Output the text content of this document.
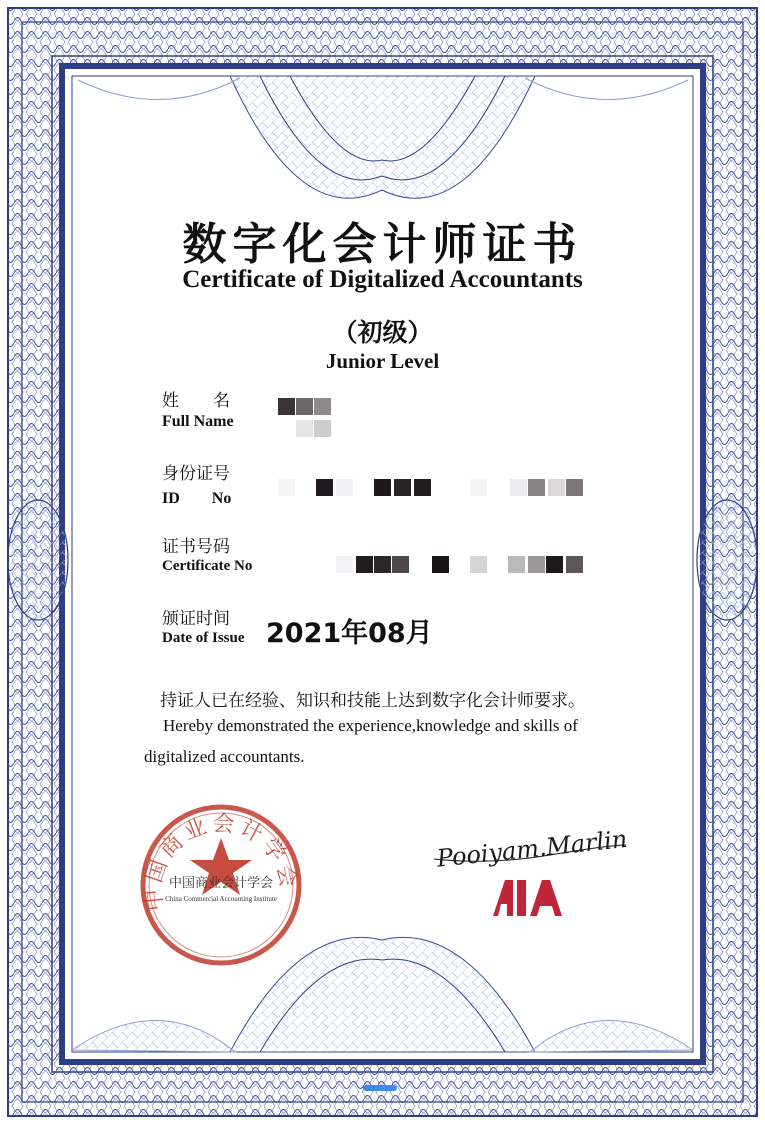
数字化会计师证书
Certificate of Digitalized Accountants
（初级）
Junior Level
姓　　名
Full Name
身份证号
ID　　No
证书号码
Certificate No
颁证时间
Date of Issue 2021年08月
持证人已在经验、知识和技能上达到数字化会计师要求。
Hereby demonstrated the experience,knowledge and skills of
digitalized accountants.
中国商业会计学会
中国商业会计学会
China Commercial Accounting Institute
Pooiyam.Marlin
AIA
